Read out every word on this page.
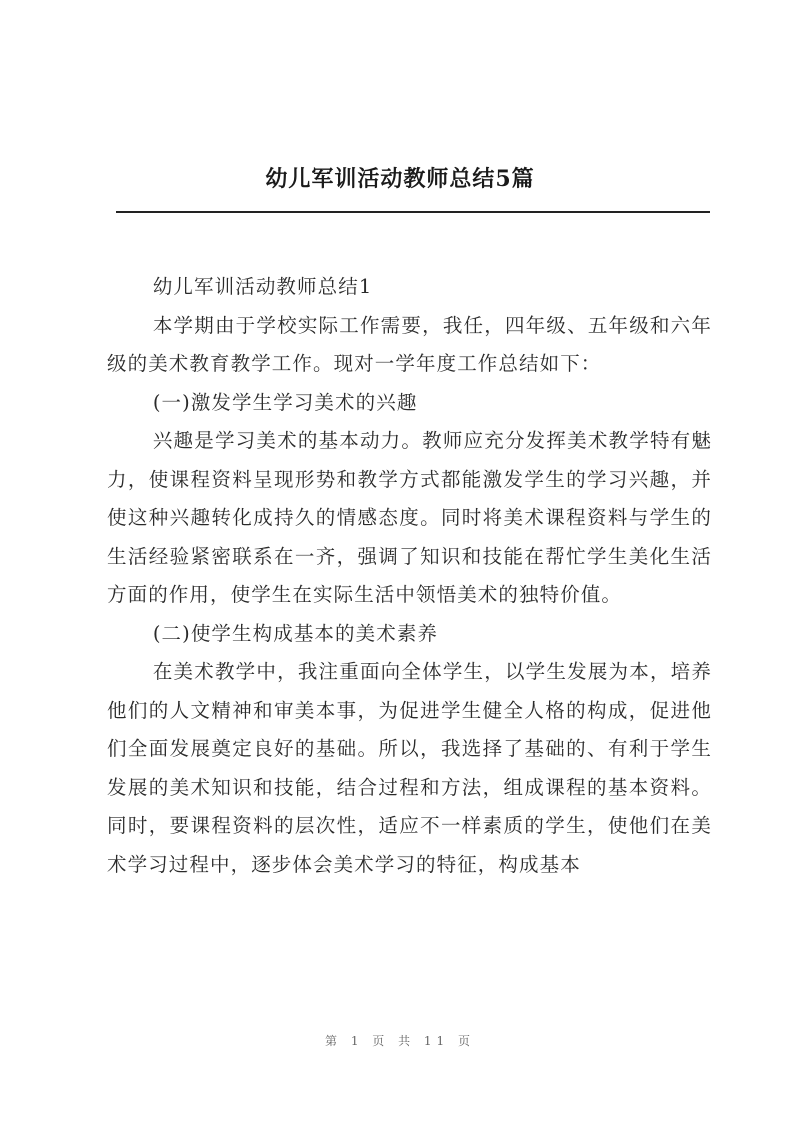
幼儿军训活动教师总结5篇

幼儿军训活动教师总结1

本学期由于学校实际工作需要，我任，四年级、五年级和六年级的美术教育教学工作。现对一学年度工作总结如下：

(一)激发学生学习美术的兴趣

兴趣是学习美术的基本动力。教师应充分发挥美术教学特有魅力，使课程资料呈现形势和教学方式都能激发学生的学习兴趣，并使这种兴趣转化成持久的情感态度。同时将美术课程资料与学生的生活经验紧密联系在一齐，强调了知识和技能在帮忙学生美化生活方面的作用，使学生在实际生活中领悟美术的独特价值。

(二)使学生构成基本的美术素养

在美术教学中，我注重面向全体学生，以学生发展为本，培养他们的人文精神和审美本事，为促进学生健全人格的构成，促进他们全面发展奠定良好的基础。所以，我选择了基础的、有利于学生发展的美术知识和技能，结合过程和方法，组成课程的基本资料。同时，要课程资料的层次性，适应不一样素质的学生，使他们在美术学习过程中，逐步体会美术学习的特征，构成基本

第 1 页 共 11 页
